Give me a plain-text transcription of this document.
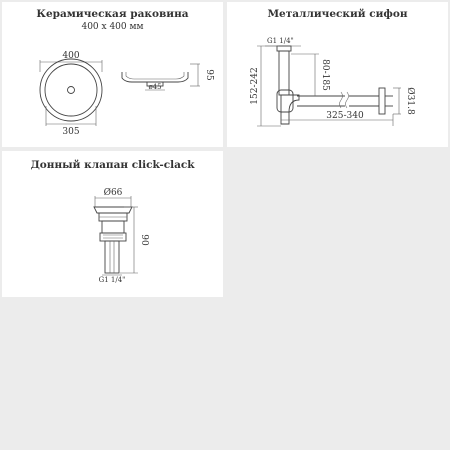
Керамическая раковина
400 x 400 мм
400
305
95
ø45
Металлический сифон
G1 1/4"
152-242	80-185
325-340
Ø31.8
Донный клапан click-clack
Ø66
90
G1 1/4"
